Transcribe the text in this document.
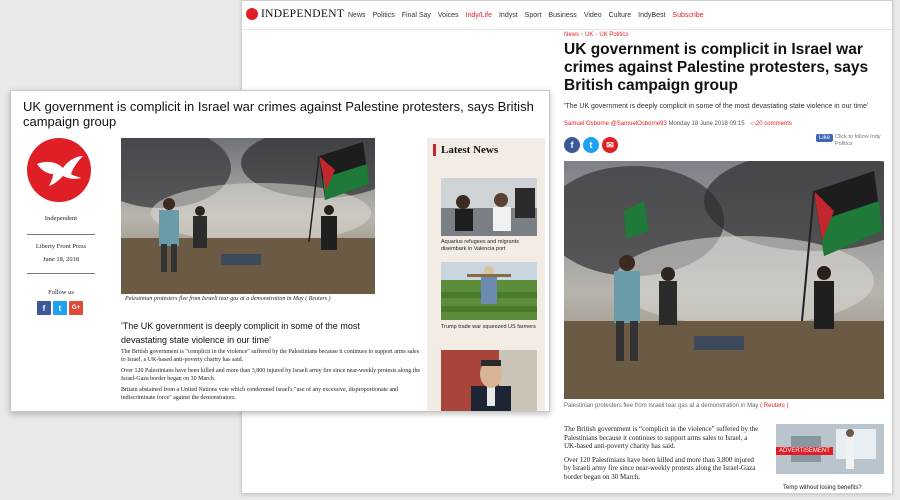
INDEPENDENT News Politics Final Say Voices Indy/Life Indyst Sport Business Video Culture IndyBest Subscribe
News › UK › UK Politics
UK government is complicit in Israel war crimes against Palestine protesters, says British campaign group
'The UK government is deeply complicit in some of the most devastating state violence in our time'
Samuel Osborne @SamuelOsborne93 Monday 18 June 2018 09:15 ▭20 comments
f	t	✉
Like Click to follow Indy Politics
Palestinian protesters flee from Israeli tear gas at a demonstration in May ( Reuters )

The British government is “complicit in the violence” suffered by the Palestinians because it continues to support arms sales to Israel, a UK-based anti-poverty charity has said.

Over 120 Palestinians have been killed and more than 3,800 injured by Israeli army fire since near-weekly protests along the Israel-Gaza border began on 30 March.

ADVERTISEMENT
Temp without losing benefits?
UK government is complicit in Israel war crimes against Palestine protesters, says British campaign group
Independent
Liberty Front Press
June 18, 2018
Follow us
f	t	G+
Palestinian protesters flee from Israeli tear gas at a demonstration in May ( Reuters )
'The UK government is deeply complicit in some of the most devastating state violence in our time'

The British government is "complicit in the violence" suffered by the Palestinians because it continues to support arms sales to Israel, a UK-based anti-poverty charity has said.

Over 120 Palestinians have been killed and more than 3,800 injured by Israeli army fire since near-weekly protests along the Israel-Gaza border began on 30 March.

Britain abstained from a United Nations vote which condemned Israel's "use of any excessive, disproportionate and indiscriminate force" against the demonstrators.

Latest News
Aquarius refugees and migrants disembark in Valencia port
Trump trade war squeezed US farmers
